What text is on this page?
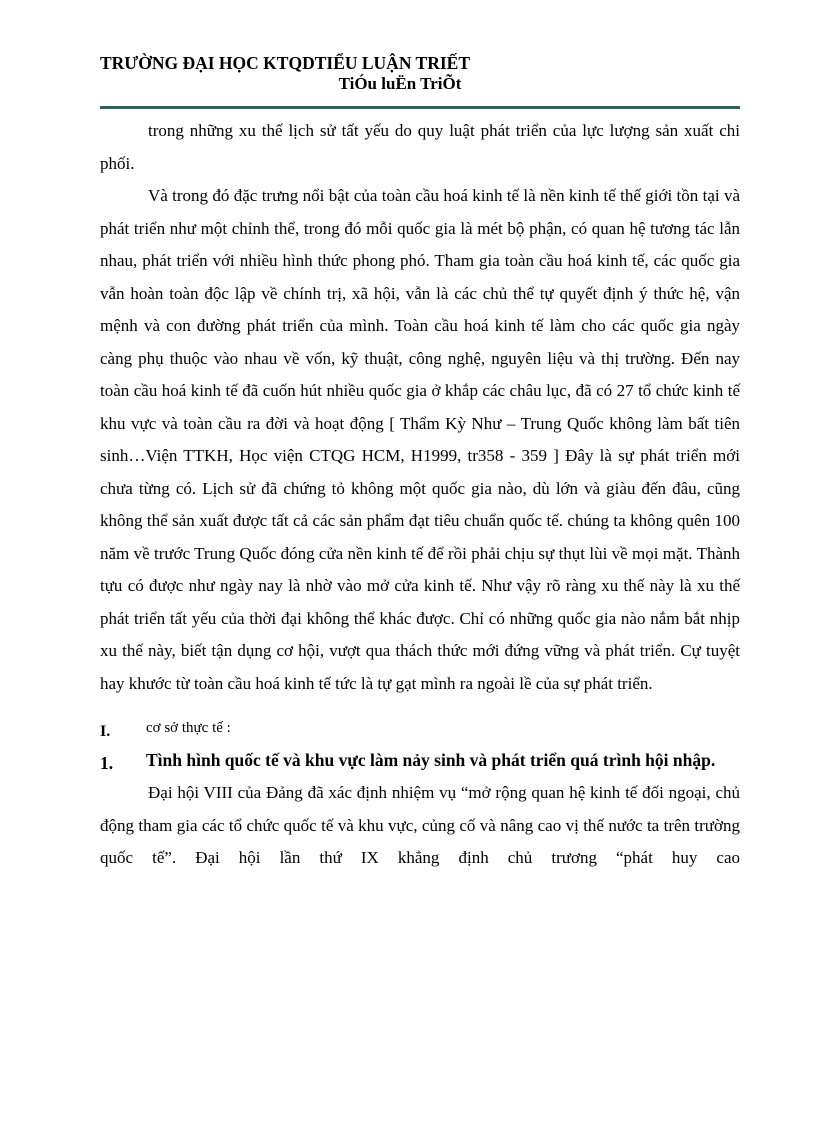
TRƯỜNG ĐẠI HỌC KTQDTIỂU LUẬN TRIẾT
TiÓu luËn TriÕt

trong những xu thế lịch sử tất yếu do quy luật phát triển của lực lượng sản xuất chi phối.

Và trong đó đặc trưng nổi bật của toàn cầu hoá kinh tế là nền kinh tế thế giới tồn tại và phát triển như một chỉnh thể, trong đó mỗi quốc gia là mét bộ phận, có quan hệ tương tác lẫn nhau, phát triển với nhiều hình thức phong phó. Tham gia toàn cầu hoá kinh tế, các quốc gia vẫn hoàn toàn độc lập về chính trị, xã hội, vẫn là các chủ thể tự quyết định ý thức hệ, vận mệnh và con đường phát triển của mình. Toàn cầu hoá kinh tế làm cho các quốc gia ngày càng phụ thuộc vào nhau về vốn, kỹ thuật, công nghệ, nguyên liệu và thị trường. Đến nay toàn cầu hoá kinh tế đã cuốn hút nhiều quốc gia ở khắp các châu lục, đã có 27 tổ chức kinh tế khu vực và toàn cầu ra đời và hoạt động [ Thẩm Kỳ Như – Trung Quốc không làm bất tiên sinh…Viện TTKH, Học viện CTQG HCM, H1999, tr358 - 359 ] Đây là sự phát triển mới chưa từng có. Lịch sử đã chứng tỏ không một quốc gia nào, dù lớn và giàu đến đâu, cũng không thể sản xuất được tất cả các sản phẩm đạt tiêu chuẩn quốc tế. chúng ta không quên 100 năm về trước Trung Quốc đóng cửa nền kinh tế để rồi phải chịu sự thụt lùi về mọi mặt. Thành tựu có được như ngày nay là nhờ vào mở cửa kinh tế. Như vậy rõ ràng xu thế này là xu thế phát triển tất yếu của thời đại không thể khác được. Chỉ có những quốc gia nào nắm bắt nhịp xu thế này, biết tận dụng cơ hội, vượt qua thách thức mới đứng vững và phát triển. Cự tuyệt hay khước từ toàn cầu hoá kinh tế tức là tự gạt mình ra ngoài lề của sự phát triển.

I. cơ sở thực tế :
1. Tình hình quốc tế và khu vực làm nảy sinh và phát triển quá trình hội nhập.

Đại hội VIII của Đảng đã xác định nhiệm vụ “mở rộng quan hệ kinh tế đối ngoại, chủ động tham gia các tổ chức quốc tế và khu vực, củng cố và nâng cao vị thế nước ta trên trường quốc tế”. Đại hội lần thứ IX khẳng định chủ trương “phát huy cao
